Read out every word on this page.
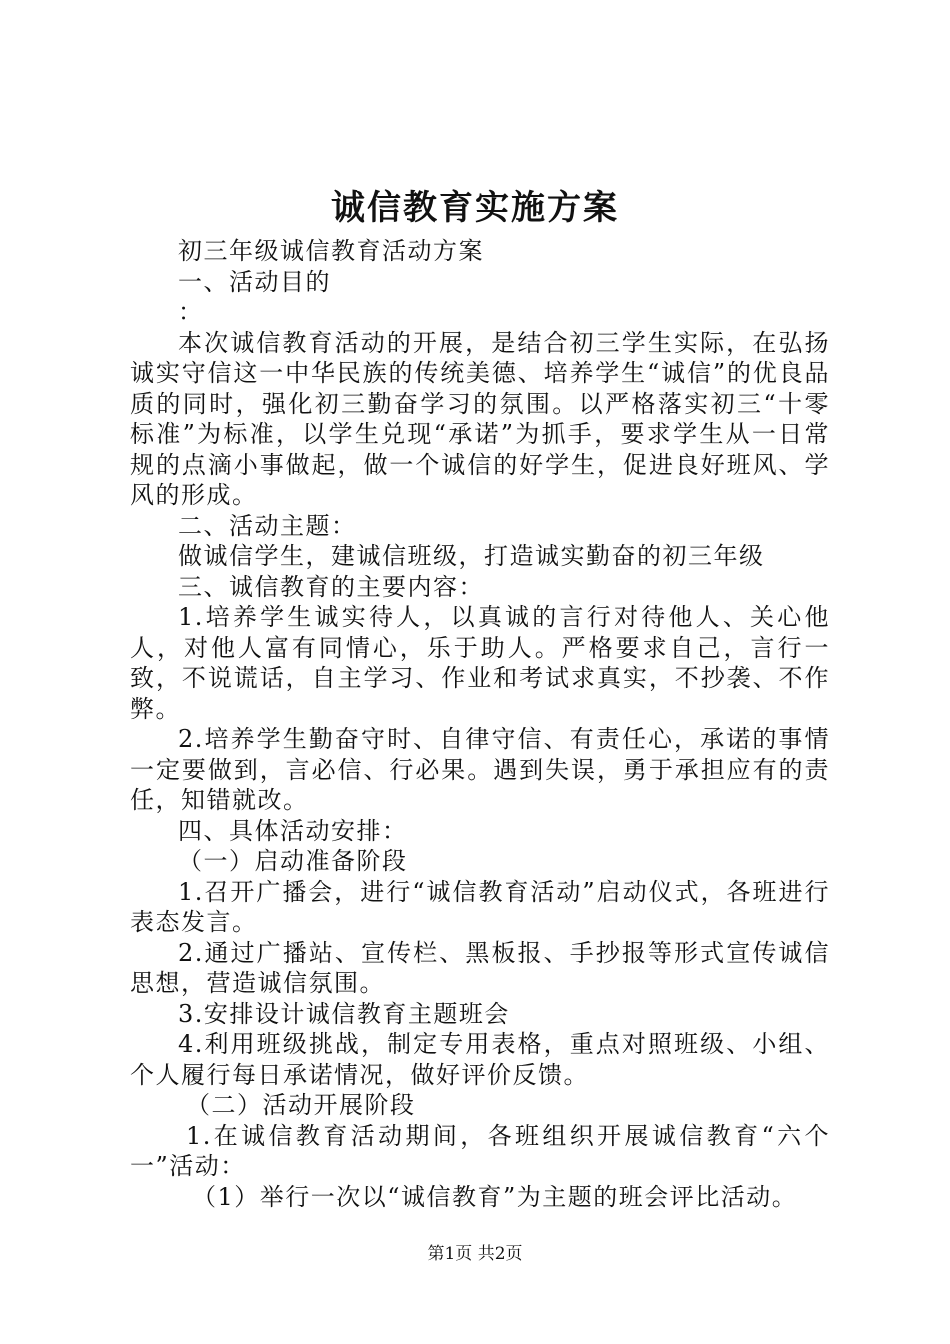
诚信教育实施方案

初三年级诚信教育活动方案

一、活动目的

：

本次诚信教育活动的开展，是结合初三学生实际，在弘扬诚实守信这一中华民族的传统美德、培养学生“诚信”的优良品质的同时，强化初三勤奋学习的氛围。以严格落实初三“十零标准”为标准，以学生兑现“承诺”为抓手，要求学生从一日常规的点滴小事做起，做一个诚信的好学生，促进良好班风、学风的形成。

二、活动主题：

做诚信学生，建诚信班级，打造诚实勤奋的初三年级

三、诚信教育的主要内容：

1.培养学生诚实待人，以真诚的言行对待他人、关心他人，对他人富有同情心，乐于助人。严格要求自己，言行一致，不说谎话，自主学习、作业和考试求真实，不抄袭、不作弊。

2.培养学生勤奋守时、自律守信、有责任心，承诺的事情一定要做到，言必信、行必果。遇到失误，勇于承担应有的责任，知错就改。

四、具体活动安排：

（一）启动准备阶段

1.召开广播会，进行“诚信教育活动”启动仪式，各班进行表态发言。

2.通过广播站、宣传栏、黑板报、手抄报等形式宣传诚信思想，营造诚信氛围。

3.安排设计诚信教育主题班会

4.利用班级挑战，制定专用表格，重点对照班级、小组、个人履行每日承诺情况，做好评价反馈。

（二）活动开展阶段

1.在诚信教育活动期间，各班组织开展诚信教育“六个一”活动：

（1）举行一次以“诚信教育”为主题的班会评比活动。

第1页 共2页
